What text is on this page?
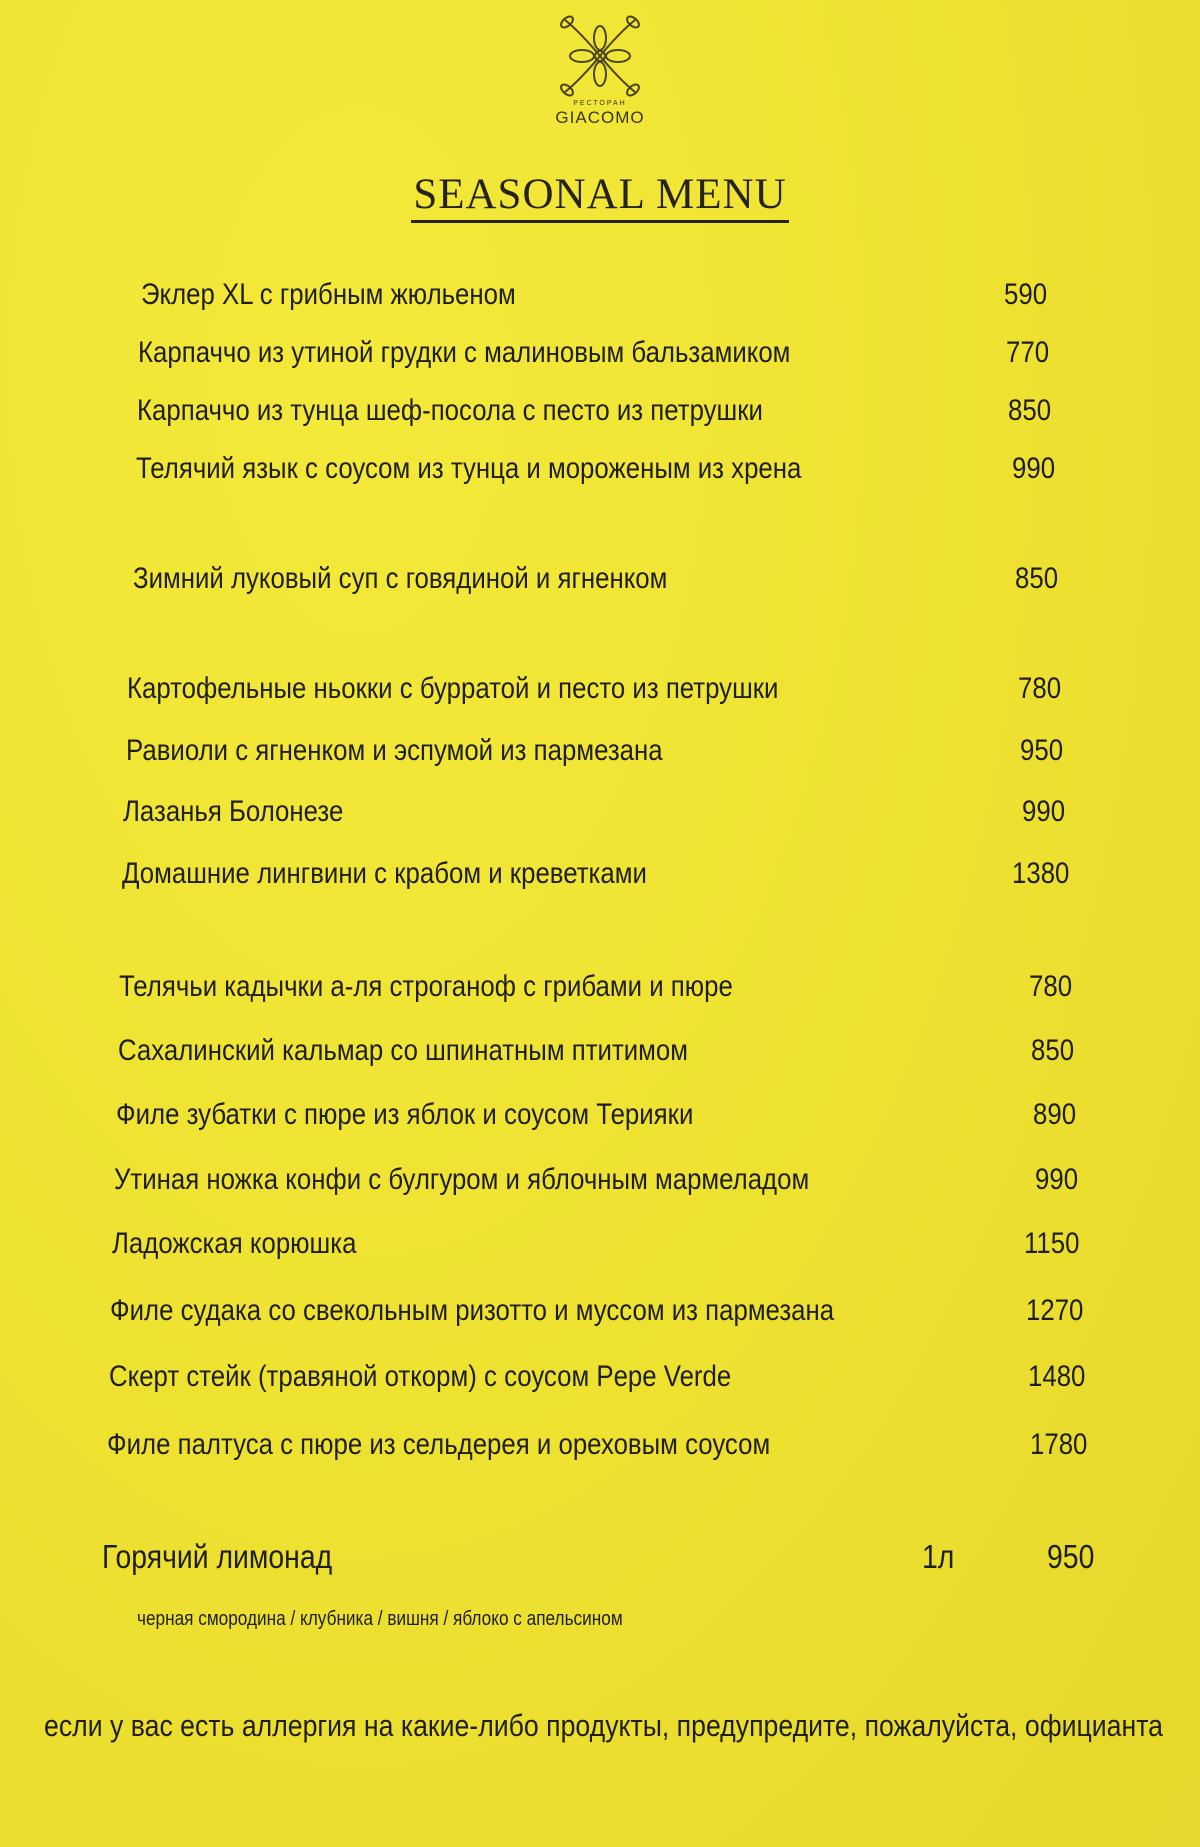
РЕСТОРАН
GIACOMO
SEASONAL MENU
Эклер XL с грибным жюльеном	590
Карпаччо из утиной грудки с малиновым бальзамиком	770
Карпаччо из тунца шеф-посола с песто из петрушки	850
Телячий язык с соусом из тунца и мороженым из хрена	990
Зимний луковый суп с говядиной и ягненком	850
Картофельные ньокки с бурратой и песто из петрушки	780
Равиоли с ягненком и эспумой из пармезана	950
Лазанья Болонезе	990
Домашние лингвини с крабом и креветками	1380
Телячьи кадычки а-ля строганоф с грибами и пюре	780
Сахалинский кальмар со шпинатным птитимом	850
Филе зубатки с пюре из яблок и соусом Терияки	890
Утиная ножка конфи с булгуром и яблочным мармеладом	990
Ладожская корюшка	1150
Филе судака со свекольным ризотто и муссом из пармезана	1270
Скерт стейк (травяной откорм) с соусом Pepe Verde	1480
Филе палтуса с пюре из сельдерея и ореховым соусом	1780
Горячий лимонад	1л	950
черная смородина / клубника / вишня / яблоко с апельсином
если у вас есть аллергия на какие-либо продукты, предупредите, пожалуйста, официанта
